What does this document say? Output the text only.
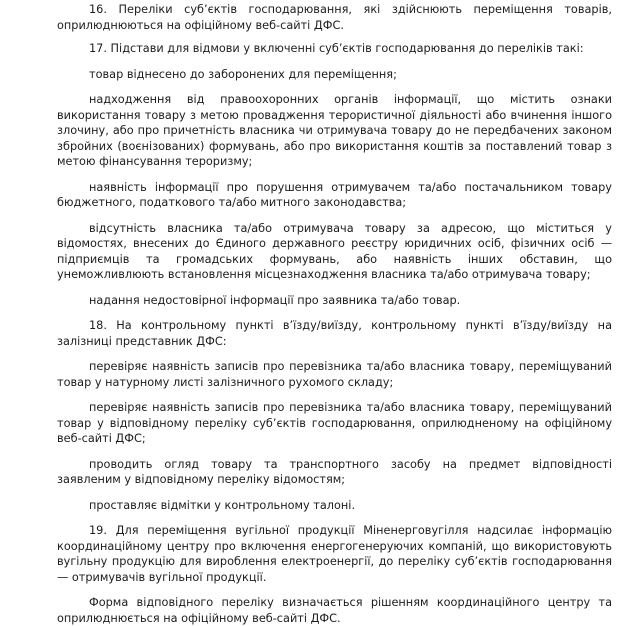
16. Переліки суб’єктів господарювання, які здійснюють переміщення товарів, оприлюднюються на офіційному веб-сайті ДФС.

17. Підстави для відмови у включенні суб’єктів господарювання до переліків такі:

товар віднесено до заборонених для переміщення;

надходження від правоохоронних органів інформації, що містить ознаки використання товару з метою провадження терористичної діяльності або вчинення іншого злочину, або про причетність власника чи отримувача товару до не передбачених законом збройних (воєнізованих) формувань, або про використання коштів за поставлений товар з метою фінансування тероризму;

наявність інформації про порушення отримувачем та/або постачальником товару бюджетного, податкового та/або митного законодавства;

відсутність власника та/або отримувача товару за адресою, що міститься у відомостях, внесених до Єдиного державного реєстру юридичних осіб, фізичних осіб — підприємців та громадських формувань, або наявність інших обставин, що унеможливлюють встановлення місцезнаходження власника та/або отримувача товару;

надання недостовірної інформації про заявника та/або товар.

18. На контрольному пункті в’їзду/виїзду, контрольному пункті в’їзду/виїзду на залізниці представник ДФС:

перевіряє наявність записів про перевізника та/або власника товару, переміщуваний товар у натурному листі залізничного рухомого складу;

перевіряє наявність записів про перевізника та/або власника товару, переміщуваний товар у відповідному переліку суб’єктів господарювання, оприлюдненому на офіційному веб-сайті ДФС;

проводить огляд товару та транспортного засобу на предмет відповідності заявленим у відповідному переліку відомостям;

проставляє відмітки у контрольному талоні.

19. Для переміщення вугільної продукції Міненерговугілля надсилає інформацію координаційному центру про включення енергогенеруючих компаній, що використовують вугільну продукцію для вироблення електроенергії, до переліку суб’єктів господарювання — отримувачів вугільної продукції.

Форма відповідного переліку визначається рішенням координаційного центру та оприлюднюється на офіційному веб-сайті ДФС.
